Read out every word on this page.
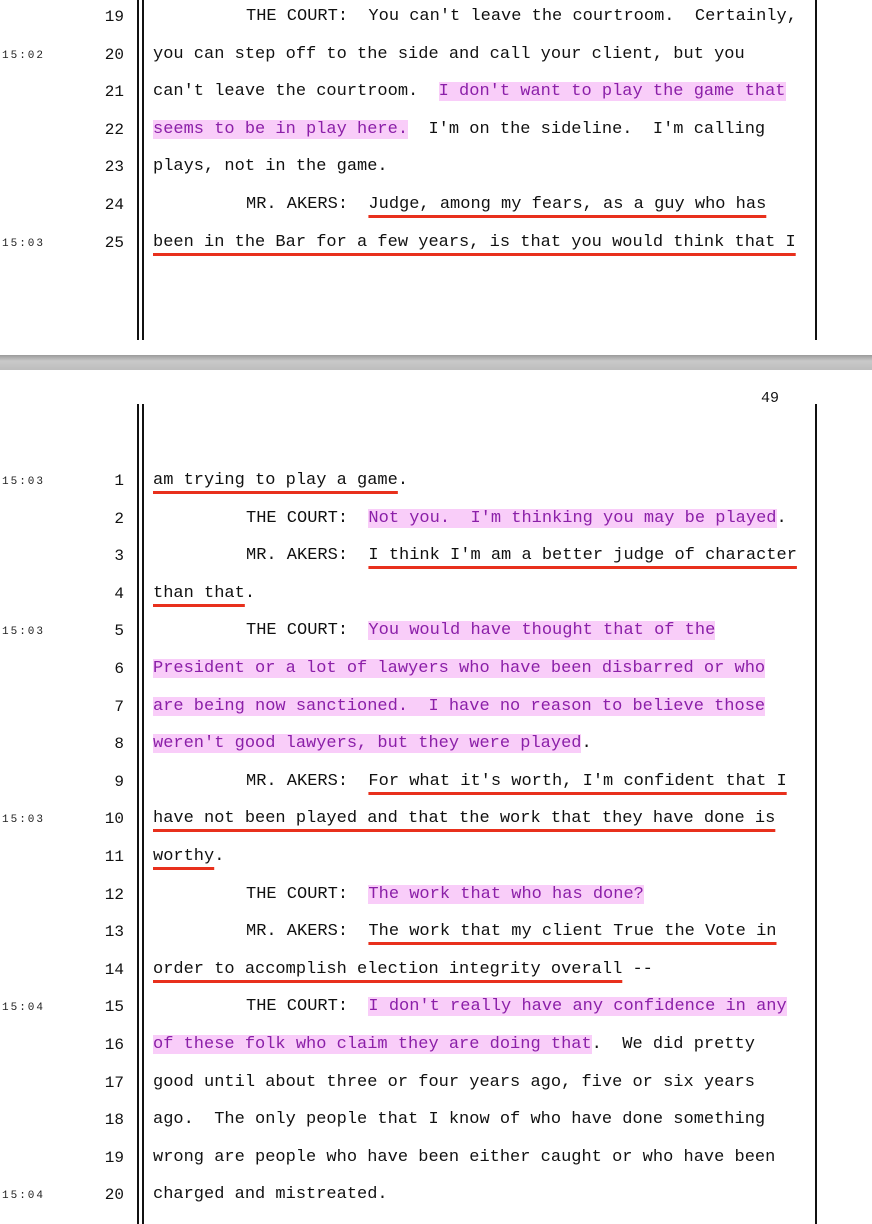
19	THE COURT:  You can't leave the courtroom.  Certainly,
15:02	20 you can step off to the side and call your client, but you
21 can't leave the courtroom.  I don't want to play the game that
22 seems to be in play here.  I'm on the sideline.  I'm calling
23 plays, not in the game.
24	MR. AKERS:  Judge, among my fears, as a guy who has
15:03	25 been in the Bar for a few years, is that you would think that I
49
15:03	1 am trying to play a game.
2	THE COURT:  Not you.  I'm thinking you may be played.
3	MR. AKERS:  I think I'm am a better judge of character
4 than that.
15:03	5	THE COURT:  You would have thought that of the
6 President or a lot of lawyers who have been disbarred or who
7 are being now sanctioned.  I have no reason to believe those
8 weren't good lawyers, but they were played.
9	MR. AKERS:  For what it's worth, I'm confident that I
15:03	10 have not been played and that the work that they have done is
11 worthy.
12	THE COURT:  The work that who has done?
13	MR. AKERS:  The work that my client True the Vote in
14 order to accomplish election integrity overall --
15:04	15	THE COURT:  I don't really have any confidence in any
16 of these folk who claim they are doing that.  We did pretty
17 good until about three or four years ago, five or six years
18 ago.  The only people that I know of who have done something
19 wrong are people who have been either caught or who have been
15:04	20 charged and mistreated.
